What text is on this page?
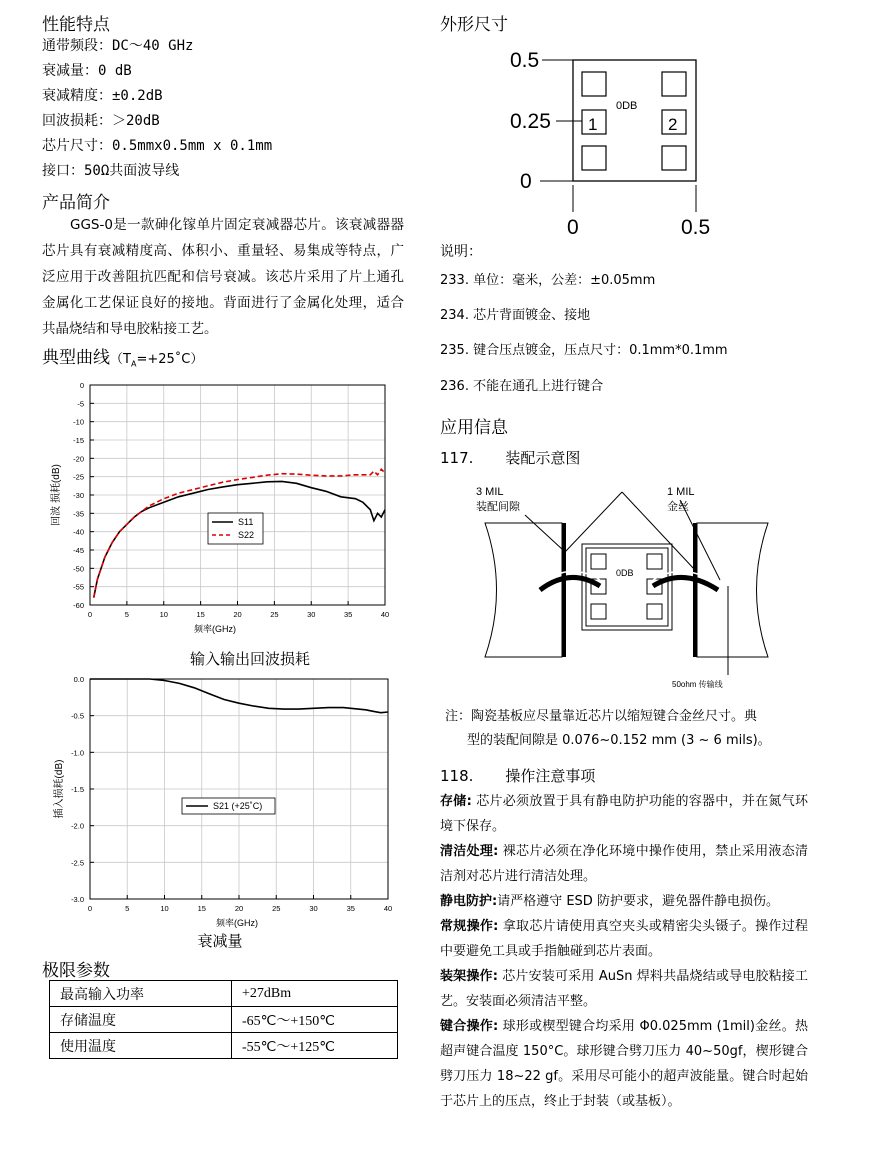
性能特点
通带频段：DC～40 GHz
衰减量：0 dB
衰减精度：±0.2dB
回波损耗：＞20dB
芯片尺寸：0.5mmx0.5mm x 0.1mm
接口：50Ω共面波导线
产品简介
GGS-0是一款砷化镓单片固定衰减器芯片。该衰减器器芯片具有衰减精度高、体积小、重量轻、易集成等特点，广泛应用于改善阻抗匹配和信号衰减。该芯片采用了片上通孔金属化工艺保证良好的接地。背面进行了金属化处理，适合共晶烧结和导电胶粘接工艺。
典型曲线$(T_A=+25˚C)$
0	5	10	15	20	25	30	35	40
0
-5
-10
-15
-20
-25
-30
-35
-40
-45
-50
-55
-60
频率(GHz)
回波 损耗(dB)	S11
S22
输入输出回波损耗
0	5	10	15	20	25	30	35	40
0.0
-0.5
-1.0
-1.5
-2.0
-2.5
-3.0
频率(GHz)
插入损耗(dB)	S21 (+25˚C)
衰减量
极限参数
最高输入功率	+27dBm
存储温度	-65℃～+150℃
使用温度	-55℃～+125℃
外形尺寸
0.5
0.25
0
0	0.5
1	2
0DB
说明：
233. 单位：毫米，公差：±0.05mm
234. 芯片背面镀金、接地
235. 键合压点镀金，压点尺寸：0.1mm*0.1mm
236. 不能在通孔上进行键合
应用信息
117. 装配示意图
0DB
3 MIL
装配间隙
1 MIL
金丝
50ohm 传输线
注：陶瓷基板应尽量靠近芯片以缩短键合金丝尺寸。典
型的装配间隙是 0.076~0.152 mm (3 ~ 6 mils)。
118. 操作注意事项
存储: 芯片必须放置于具有静电防护功能的容器中，并在氮气环境下保存。
清洁处理: 裸芯片必须在净化环境中操作使用，禁止采用液态清洁剂对芯片进行清洁处理。
静电防护:请严格遵守 ESD 防护要求，避免器件静电损伤。
常规操作: 拿取芯片请使用真空夹头或精密尖头镊子。操作过程中要避免工具或手指触碰到芯片表面。
装架操作: 芯片安装可采用 AuSn 焊料共晶烧结或导电胶粘接工艺。安装面必须清洁平整。
键合操作: 球形或楔型键合均采用 Φ0.025mm (1mil)金丝。热超声键合温度 150°C。球形键合劈刀压力 40~50gf，楔形键合劈刀压力 18~22 gf。采用尽可能小的超声波能量。键合时起始于芯片上的压点，终止于封装（或基板）。
